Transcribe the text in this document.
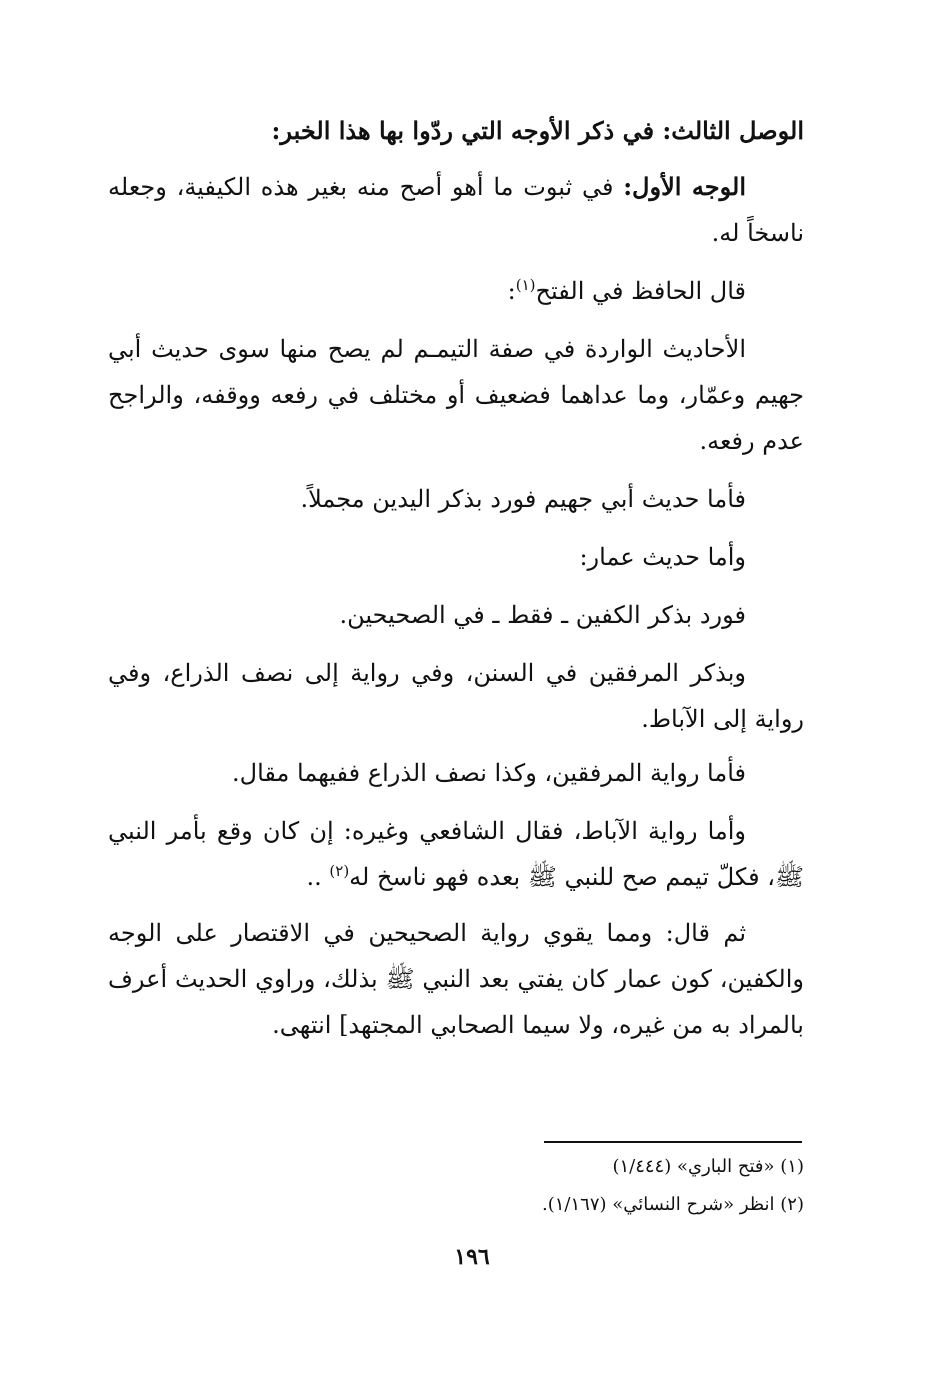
الوصل الثالث: في ذكر الأوجه التي ردّوا بها هذا الخبر:

الوجه الأول: في ثبوت ما أهو أصح منه بغير هذه الكيفية، وجعله ناسخاً له.

قال الحافظ في الفتح$^{(١)}$:

الأحاديث الواردة في صفة التيمـم لم يصح منها سوى حديث أبي جهيم وعمّار، وما عداهما فضعيف أو مختلف في رفعه ووقفه، والراجح عدم رفعه.

فأما حديث أبي جهيم فورد بذكر اليدين مجملاً.

وأما حديث عمار:

فورد بذكر الكفين ـ فقط ـ في الصحيحين.

وبذكر المرفقين في السنن، وفي رواية إلى نصف الذراع، وفي رواية إلى الآباط.

فأما رواية المرفقين، وكذا نصف الذراع ففيهما مقال.

وأما رواية الآباط، فقال الشافعي وغيره: إن كان وقع بأمر النبي ﷺ، فكلّ تيمم صح للنبي ﷺ بعده فهو ناسخ له$^{(٢)}$ ..

ثم قال: ومما يقوي رواية الصحيحين في الاقتصار على الوجه والكفين، كون عمار كان يفتي بعد النبي ﷺ بذلك، وراوي الحديث أعرف بالمراد به من غيره، ولا سيما الصحابي المجتهد] انتهى.

(١) «فتح الباري» (١/٤٤٤)

(٢) انظر «شرح النسائي» (١/١٦٧).

١٩٦
